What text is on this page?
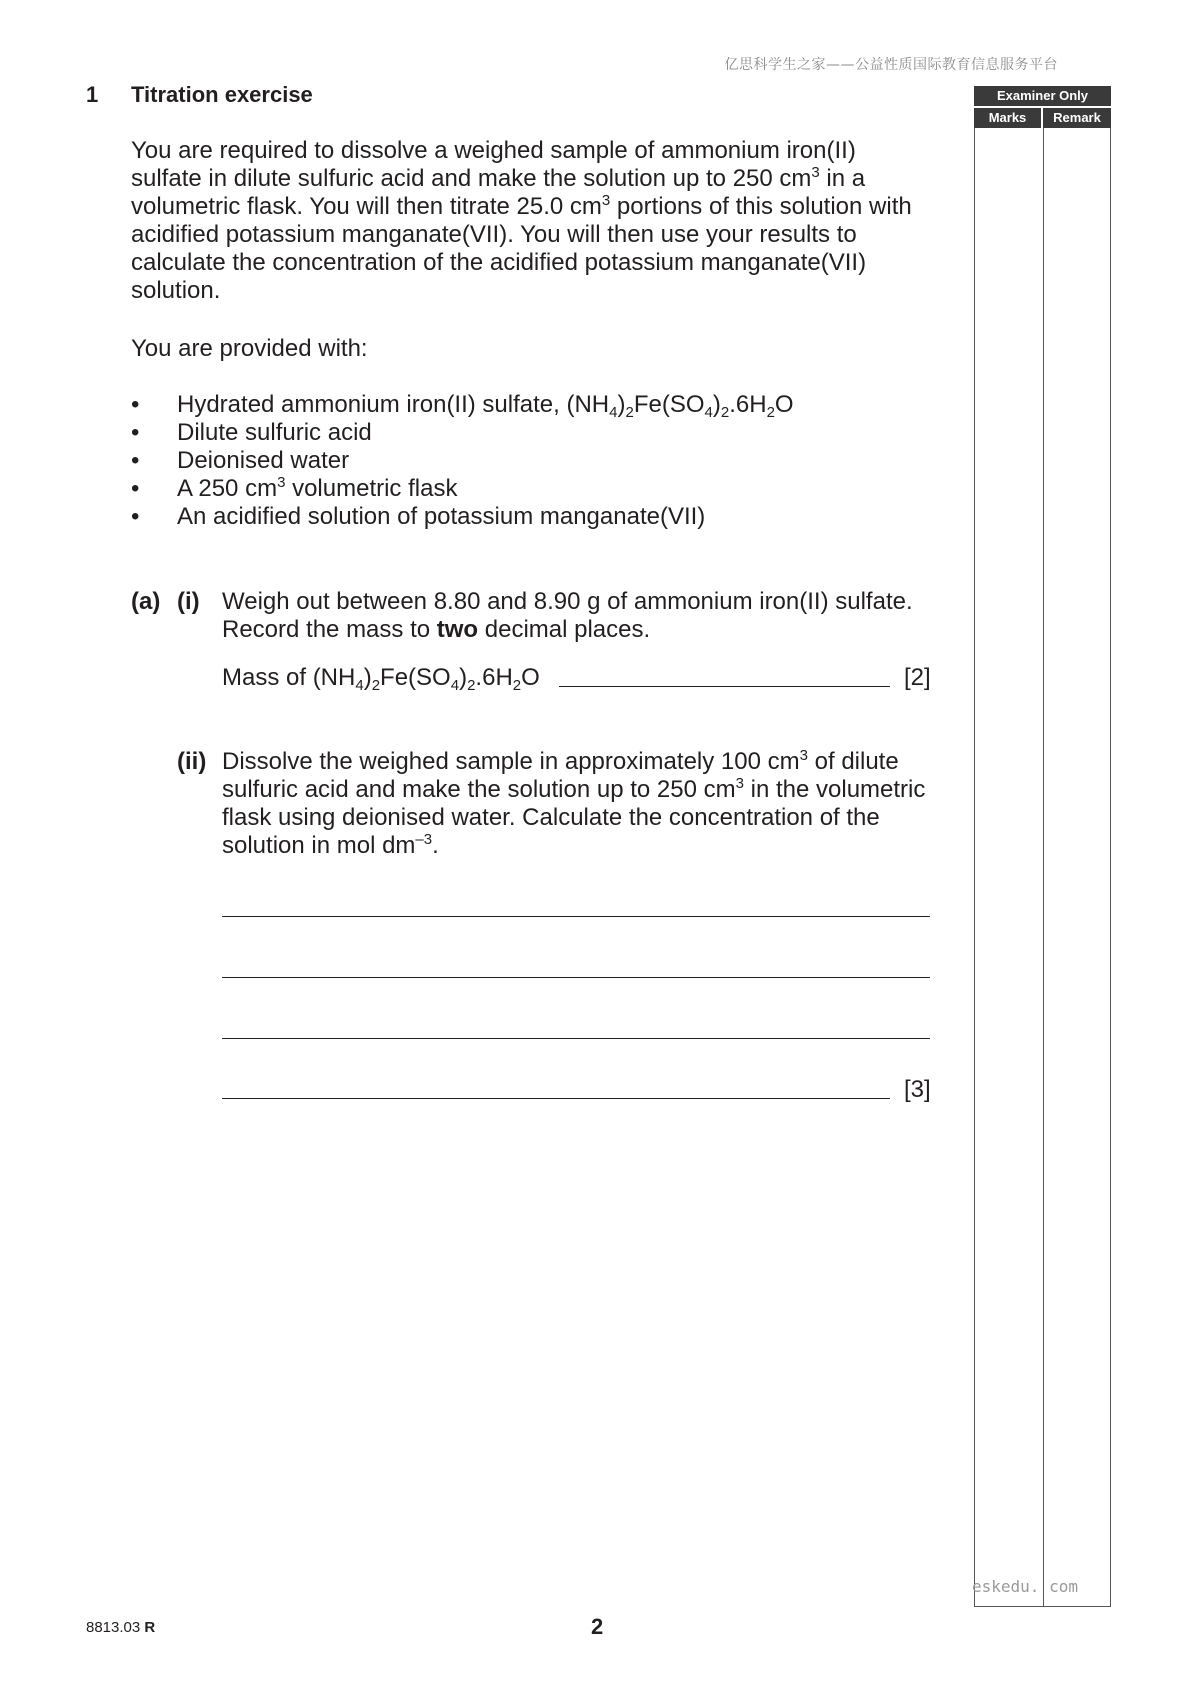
亿思科学生之家——公益性质国际教育信息服务平台
1 Titration exercise	Examiner Only
Marks	Remark
You are required to dissolve a weighed sample of ammonium iron(II) sulfate in dilute sulfuric acid and make the solution up to 250 $cm^3$ in a volumetric flask. You will then titrate 25.0 $cm^3$ portions of this solution with acidified potassium manganate(VII). You will then use your results to calculate the concentration of the acidified potassium manganate(VII) solution.
You are provided with:
• Hydrated ammonium iron(II) sulfate, $(NH_4)_2Fe(SO_4)_2.6H_2O$
• Dilute sulfuric acid
• Deionised water
• A 250 $cm^3$ volumetric flask
• An acidified solution of potassium manganate(VII)
(a) (i) Weigh out between 8.80 and 8.90 g of ammonium iron(II) sulfate. Record the mass to two decimal places.
Mass of $(NH_4)_2Fe(SO_4)_2.6H_2O$	[2]
(ii) Dissolve the weighed sample in approximately 100 $cm^3$ of dilute sulfuric acid and make the solution up to 250 $cm^3$ in the volumetric flask using deionised water. Calculate the concentration of the solution in mol $dm^{-3}$.
[3]
8813.03 R	2
eskedu. com
